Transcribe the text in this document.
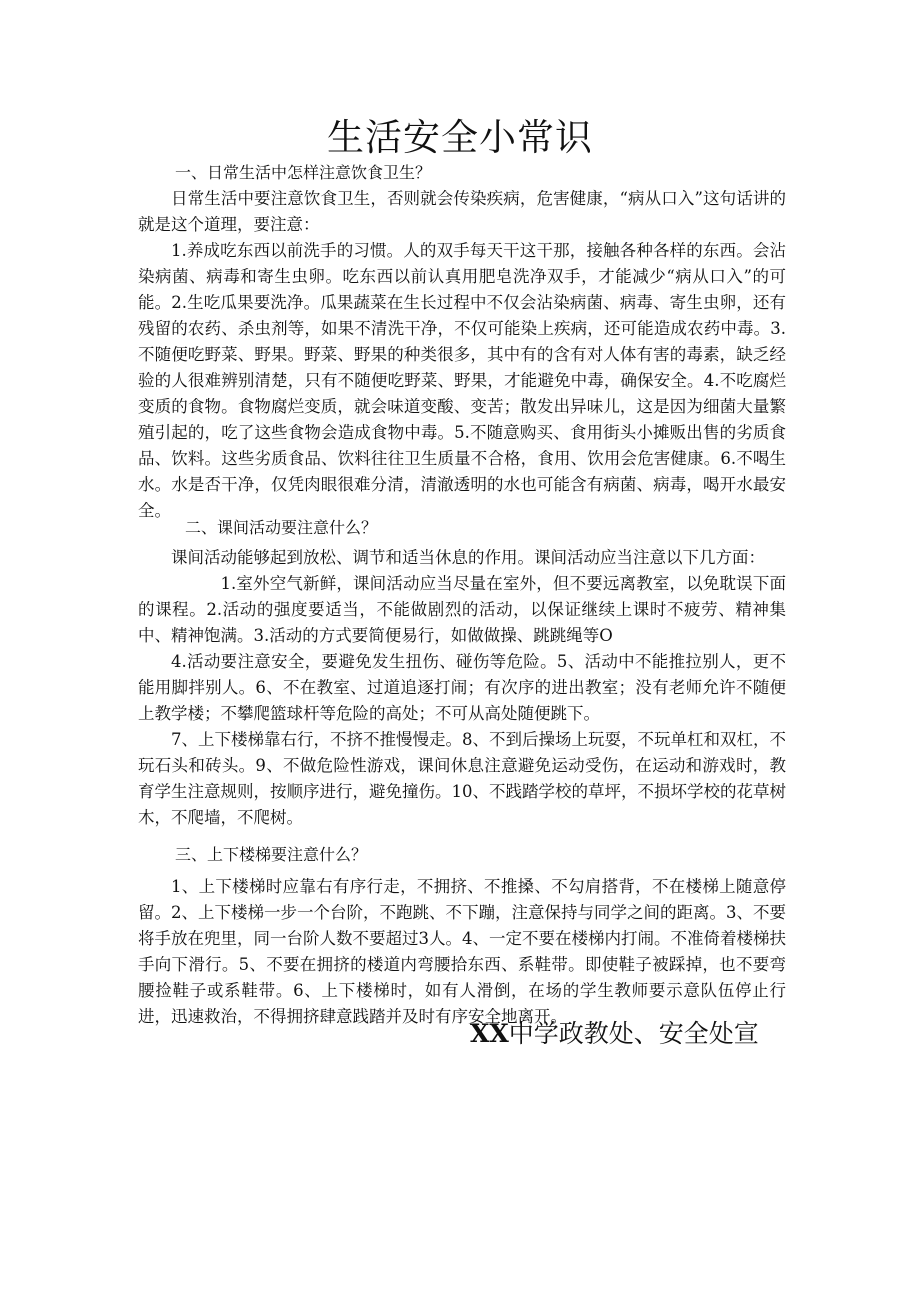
生活安全小常识
一、日常生活中怎样注意饮食卫生？

日常生活中要注意饮食卫生，否则就会传染疾病，危害健康，“病从口入”这句话讲的就是这个道理，要注意：

1.养成吃东西以前洗手的习惯。人的双手每天干这干那，接触各种各样的东西。会沾染病菌、病毒和寄生虫卵。吃东西以前认真用肥皂洗净双手，才能减少“病从口入”的可能。2.生吃瓜果要洗净。瓜果蔬菜在生长过程中不仅会沾染病菌、病毒、寄生虫卵，还有残留的农药、杀虫剂等，如果不清洗干净，不仅可能染上疾病，还可能造成农药中毒。3.不随便吃野菜、野果。野菜、野果的种类很多，其中有的含有对人体有害的毒素，缺乏经验的人很难辨别清楚，只有不随便吃野菜、野果，才能避免中毒，确保安全。4.不吃腐烂变质的食物。食物腐烂变质，就会味道变酸、变苦；散发出异味儿，这是因为细菌大量繁殖引起的，吃了这些食物会造成食物中毒。5.不随意购买、食用街头小摊贩出售的劣质食品、饮料。这些劣质食品、饮料往往卫生质量不合格，食用、饮用会危害健康。6.不喝生水。水是否干净，仅凭肉眼很难分清，清澈透明的水也可能含有病菌、病毒，喝开水最安全。

二、课间活动要注意什么？

课间活动能够起到放松、调节和适当休息的作用。课间活动应当注意以下几方面：

1.室外空气新鲜，课间活动应当尽量在室外，但不要远离教室，以免耽误下面的课程。2.活动的强度要适当，不能做剧烈的活动，以保证继续上课时不疲劳、精神集中、精神饱满。3.活动的方式要简便易行，如做做操、跳跳绳等O

4.活动要注意安全，要避免发生扭伤、碰伤等危险。5、活动中不能推拉别人，更不能用脚拌别人。6、不在教室、过道追逐打闹；有次序的进出教室；没有老师允许不随便上教学楼；不攀爬篮球杆等危险的高处；不可从高处随便跳下。

7、上下楼梯靠右行，不挤不推慢慢走。8、不到后操场上玩耍，不玩单杠和双杠，不玩石头和砖头。9、不做危险性游戏，课间休息注意避免运动受伤，在运动和游戏时，教育学生注意规则，按顺序进行，避免撞伤。10、不践踏学校的草坪，不损坏学校的花草树木，不爬墙，不爬树。

三、上下楼梯要注意什么？

1、上下楼梯时应靠右有序行走，不拥挤、不推搡、不勾肩搭背，不在楼梯上随意停留。2、上下楼梯一步一个台阶，不跑跳、不下蹦，注意保持与同学之间的距离。3、不要将手放在兜里，同一台阶人数不要超过3人。4、一定不要在楼梯内打闹。不准倚着楼梯扶手向下滑行。5、不要在拥挤的楼道内弯腰拾东西、系鞋带。即使鞋子被踩掉，也不要弯腰捡鞋子或系鞋带。6、上下楼梯时，如有人滑倒，在场的学生教师要示意队伍停止行进，迅速救治，不得拥挤肆意践踏并及时有序安全地离开。

XX中学政教处、安全处宣
